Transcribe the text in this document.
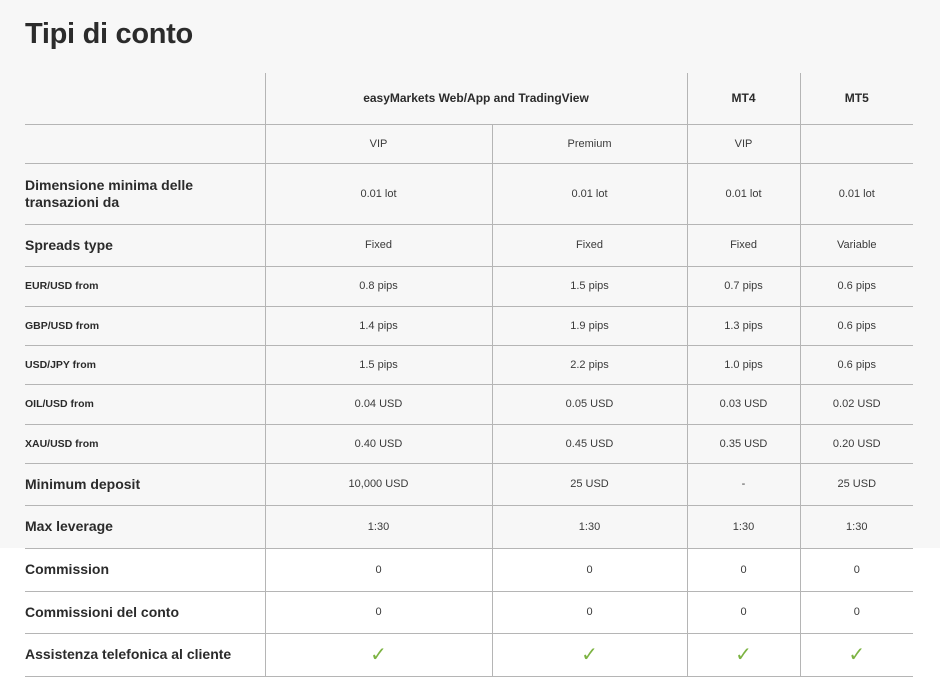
Tipi di conto
	easyMarkets Web/App and TradingView		MT4	MT5
	VIP	Premium	VIP	
Dimensione minima delle transazioni da	0.01 lot	0.01 lot	0.01 lot	0.01 lot
Spreads type	Fixed	Fixed	Fixed	Variable
EUR/USD from	0.8 pips	1.5 pips	0.7 pips	0.6 pips
GBP/USD from	1.4 pips	1.9 pips	1.3 pips	0.6 pips
USD/JPY from	1.5 pips	2.2 pips	1.0 pips	0.6 pips
OIL/USD from	0.04 USD	0.05 USD	0.03 USD	0.02 USD
XAU/USD from	0.40 USD	0.45 USD	0.35 USD	0.20 USD
Minimum deposit	10,000 USD	25 USD	-	25 USD
Max leverage	1:30	1:30	1:30	1:30
Commission	0	0	0	0
Commissioni del conto	0	0	0	0
Assistenza telefonica al cliente	✓	✓	✓	✓
